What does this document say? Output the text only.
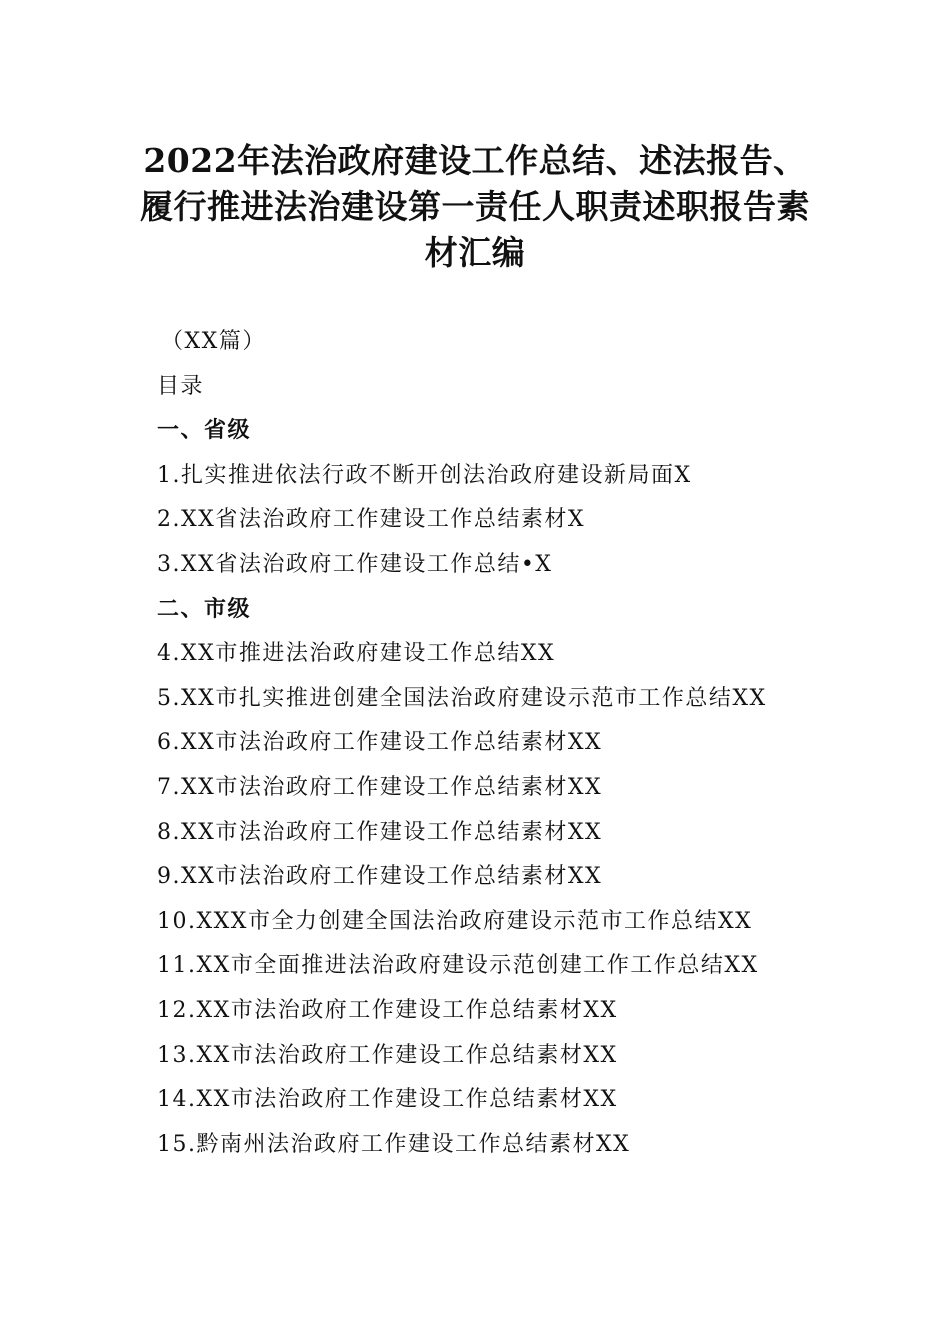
2022年法治政府建设工作总结、述法报告、
履行推进法治建设第一责任人职责述职报告素
材汇编
（XX篇）
目录
一、省级
1.扎实推进依法行政不断开创法治政府建设新局面X
2.XX省法治政府工作建设工作总结素材X
3.XX省法治政府工作建设工作总结•X
二、市级
4.XX市推进法治政府建设工作总结XX
5.XX市扎实推进创建全国法治政府建设示范市工作总结XX
6.XX市法治政府工作建设工作总结素材XX
7.XX市法治政府工作建设工作总结素材XX
8.XX市法治政府工作建设工作总结素材XX
9.XX市法治政府工作建设工作总结素材XX
10.XXX市全力创建全国法治政府建设示范市工作总结XX
11.XX市全面推进法治政府建设示范创建工作工作总结XX
12.XX市法治政府工作建设工作总结素材XX
13.XX市法治政府工作建设工作总结素材XX
14.XX市法治政府工作建设工作总结素材XX
15.黔南州法治政府工作建设工作总结素材XX
